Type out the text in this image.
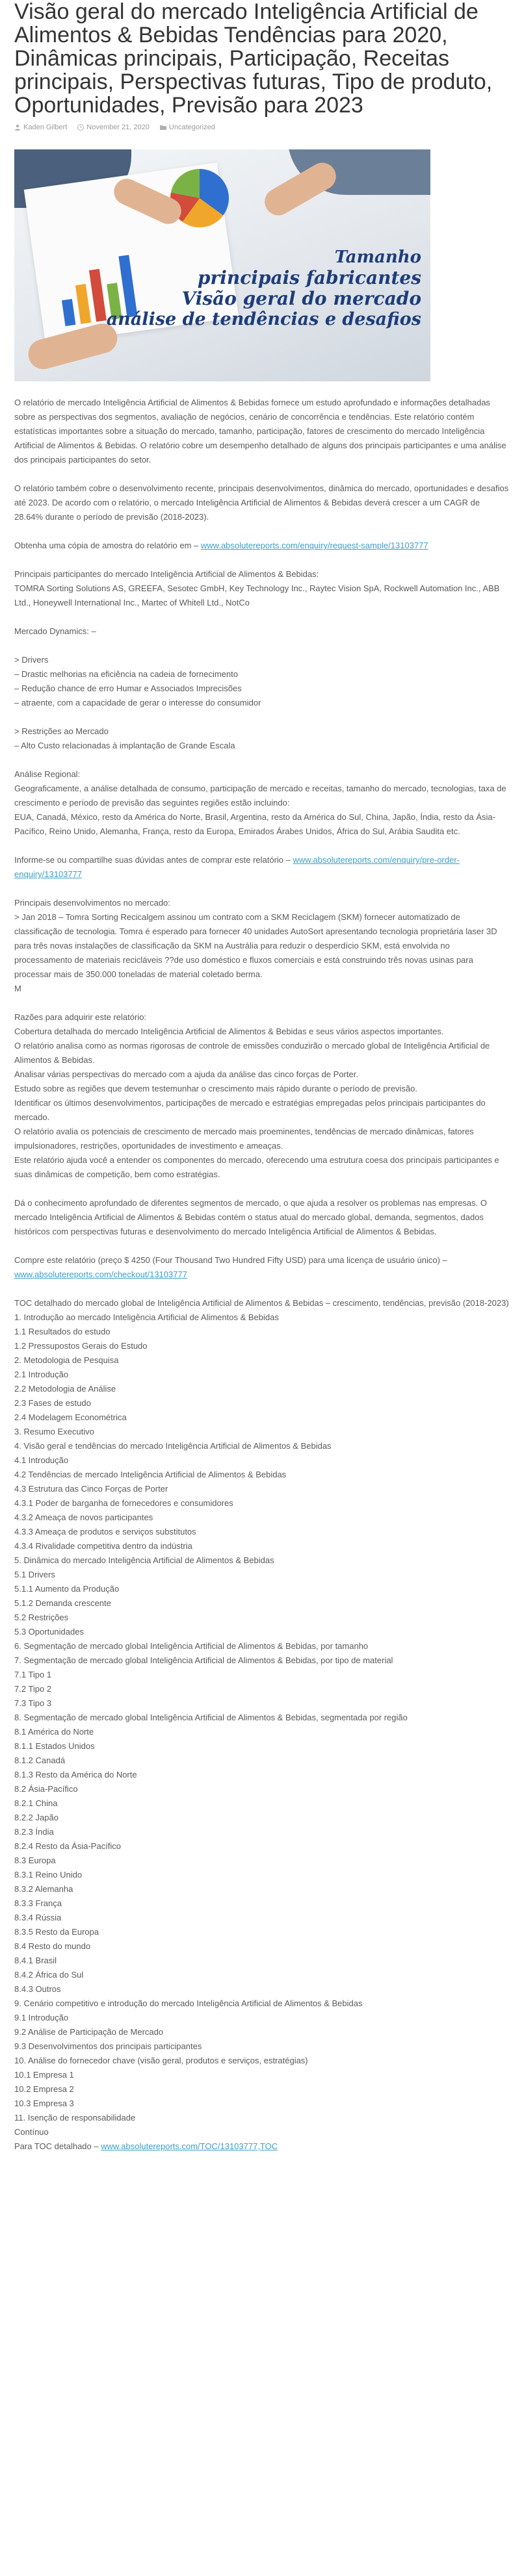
Visão geral do mercado Inteligência Artificial de Alimentos & Bebidas Tendências para 2020, Dinâmicas principais, Participação, Receitas principais, Perspectivas futuras, Tipo de produto, Oportunidades, Previsão para 2023
Kaden Gilbert	November 21, 2020	Uncategorized
Tamanho
principais fabricantes
Visão geral do mercado
análise de tendências e desafios

O relatório de mercado Inteligência Artificial de Alimentos & Bebidas fornece um estudo aprofundado e informações detalhadas sobre as perspectivas dos segmentos, avaliação de negócios, cenário de concorrência e tendências. Este relatório contém estatísticas importantes sobre a situação do mercado, tamanho, participação, fatores de crescimento do mercado Inteligência Artificial de Alimentos & Bebidas. O relatório cobre um desempenho detalhado de alguns dos principais participantes e uma análise dos principais participantes do setor.

O relatório também cobre o desenvolvimento recente, principais desenvolvimentos, dinâmica do mercado, oportunidades e desafios até 2023. De acordo com o relatório, o mercado Inteligência Artificial de Alimentos & Bebidas deverá crescer a um CAGR de 28.64% durante o período de previsão (2018-2023).

Obtenha uma cópia de amostra do relatório em – www.absolutereports.com/enquiry/request-sample/13103777

Principais participantes do mercado Inteligência Artificial de Alimentos & Bebidas:
TOMRA Sorting Solutions AS, GREEFA, Sesotec GmbH, Key Technology Inc., Raytec Vision SpA, Rockwell Automation Inc., ABB Ltd., Honeywell International Inc., Martec of Whitell Ltd., NotCo

Mercado Dynamics: –

> Drivers
– Drastic melhorias na eficiência na cadeia de fornecimento
– Redução chance de erro Humar e Associados Imprecisões
– atraente, com a capacidade de gerar o interesse do consumidor

> Restrições ao Mercado
– Alto Custo relacionadas à implantação de Grande Escala

Análise Regional:
Geograficamente, a análise detalhada de consumo, participação de mercado e receitas, tamanho do mercado, tecnologias, taxa de crescimento e período de previsão das seguintes regiões estão incluindo:
EUA, Canadá, México, resto da América do Norte, Brasil, Argentina, resto da América do Sul, China, Japão, Índia, resto da Ásia-Pacífico, Reino Unido, Alemanha, França, resto da Europa, Emirados Árabes Unidos, África do Sul, Arábia Saudita etc.

Informe-se ou compartilhe suas dúvidas antes de comprar este relatório – www.absolutereports.com/enquiry/pre-order-enquiry/13103777

Principais desenvolvimentos no mercado:
> Jan 2018 – Tomra Sorting Recicalgem assinou um contrato com a SKM Reciclagem (SKM) fornecer automatizado de classificação de tecnologia. Tomra é esperado para fornecer 40 unidades AutoSort apresentando tecnologia proprietária laser 3D para três novas instalações de classificação da SKM na Austrália para reduzir o desperdício SKM, está envolvida no processamento de materiais recicláveis ??de uso doméstico e fluxos comerciais e está construindo três novas usinas para processar mais de 350.000 toneladas de material coletado berma.
M

Razões para adquirir este relatório:
Cobertura detalhada do mercado Inteligência Artificial de Alimentos & Bebidas e seus vários aspectos importantes.
O relatório analisa como as normas rigorosas de controle de emissões conduzirão o mercado global de Inteligência Artificial de Alimentos & Bebidas.
Analisar várias perspectivas do mercado com a ajuda da análise das cinco forças de Porter.
Estudo sobre as regiões que devem testemunhar o crescimento mais rápido durante o período de previsão.
Identificar os últimos desenvolvimentos, participações de mercado e estratégias empregadas pelos principais participantes do mercado.
O relatório avalia os potenciais de crescimento de mercado mais proeminentes, tendências de mercado dinâmicas, fatores impulsionadores, restrições, oportunidades de investimento e ameaças.
Este relatório ajuda você a entender os componentes do mercado, oferecendo uma estrutura coesa dos principais participantes e suas dinâmicas de competição, bem como estratégias.

Dá o conhecimento aprofundado de diferentes segmentos de mercado, o que ajuda a resolver os problemas nas empresas. O mercado Inteligência Artificial de Alimentos & Bebidas contém o status atual do mercado global, demanda, segmentos, dados históricos com perspectivas futuras e desenvolvimento do mercado Inteligência Artificial de Alimentos & Bebidas.

Compre este relatório (preço $ 4250 (Four Thousand Two Hundred Fifty USD) para uma licença de usuário único) – www.absolutereports.com/checkout/13103777

TOC detalhado do mercado global de Inteligência Artificial de Alimentos & Bebidas – crescimento, tendências, previsão (2018-2023)
1. Introdução ao mercado Inteligência Artificial de Alimentos & Bebidas
1.1 Resultados do estudo
1.2 Pressupostos Gerais do Estudo
2. Metodologia de Pesquisa
2.1 Introdução
2.2 Metodologia de Análise
2.3 Fases de estudo
2.4 Modelagem Econométrica
3. Resumo Executivo
4. Visão geral e tendências do mercado Inteligência Artificial de Alimentos & Bebidas
4.1 Introdução
4.2 Tendências de mercado Inteligência Artificial de Alimentos & Bebidas
4.3 Estrutura das Cinco Forças de Porter
4.3.1 Poder de barganha de fornecedores e consumidores
4.3.2 Ameaça de novos participantes
4.3.3 Ameaça de produtos e serviços substitutos
4.3.4 Rivalidade competitiva dentro da indústria
5. Dinâmica do mercado Inteligência Artificial de Alimentos & Bebidas
5.1 Drivers
5.1.1 Aumento da Produção
5.1.2 Demanda crescente
5.2 Restrições
5.3 Oportunidades
6. Segmentação de mercado global Inteligência Artificial de Alimentos & Bebidas, por tamanho
7. Segmentação de mercado global Inteligência Artificial de Alimentos & Bebidas, por tipo de material
7.1 Tipo 1
7.2 Tipo 2
7.3 Tipo 3
8. Segmentação de mercado global Inteligência Artificial de Alimentos & Bebidas, segmentada por região
8.1 América do Norte
8.1.1 Estados Unidos
8.1.2 Canadá
8.1.3 Resto da América do Norte
8.2 Ásia-Pacífico
8.2.1 China
8.2.2 Japão
8.2.3 Índia
8.2.4 Resto da Ásia-Pacífico
8.3 Europa
8.3.1 Reino Unido
8.3.2 Alemanha
8.3.3 França
8.3.4 Rússia
8.3.5 Resto da Europa
8.4 Resto do mundo
8.4.1 Brasil
8.4.2 África do Sul
8.4.3 Outros
9. Cenário competitivo e introdução do mercado Inteligência Artificial de Alimentos & Bebidas
9.1 Introdução
9.2 Análise de Participação de Mercado
9.3 Desenvolvimentos dos principais participantes
10. Análise do fornecedor chave (visão geral, produtos e serviços, estratégias)
10.1 Empresa 1
10.2 Empresa 2
10.3 Empresa 3
11. Isenção de responsabilidade
Contínuo
Para TOC detalhado – www.absolutereports.com/TOC/13103777,TOC
